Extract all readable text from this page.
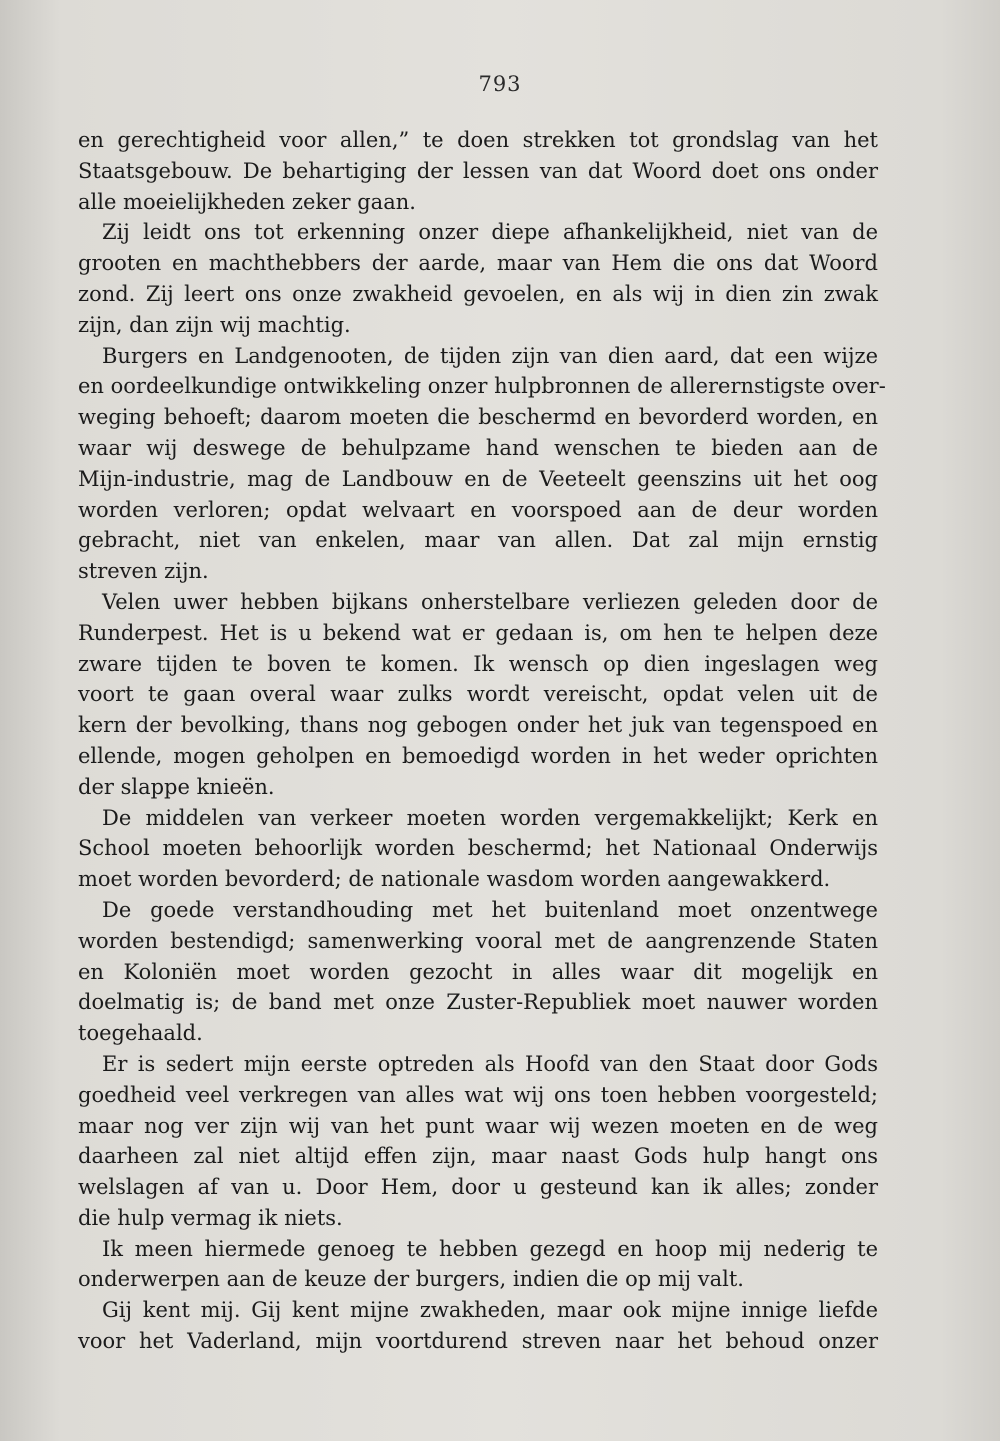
793
en gerechtigheid voor allen,” te doen strekken tot grondslag van het
Staatsgebouw. De behartiging der lessen van dat Woord doet ons onder
alle moeielijkheden zeker gaan.
Zij leidt ons tot erkenning onzer diepe afhankelijkheid, niet van de
grooten en machthebbers der aarde, maar van Hem die ons dat Woord
zond. Zij leert ons onze zwakheid gevoelen, en als wij in dien zin zwak
zijn, dan zijn wij machtig.
Burgers en Landgenooten, de tijden zijn van dien aard, dat een wijze
en oordeelkundige ontwikkeling onzer hulpbronnen de allerernstigste over-
weging behoeft; daarom moeten die beschermd en bevorderd worden, en
waar wij deswege de behulpzame hand wenschen te bieden aan de
Mijn-industrie, mag de Landbouw en de Veeteelt geenszins uit het oog
worden verloren; opdat welvaart en voorspoed aan de deur worden
gebracht, niet van enkelen, maar van allen. Dat zal mijn ernstig
streven zijn.
Velen uwer hebben bijkans onherstelbare verliezen geleden door de
Runderpest. Het is u bekend wat er gedaan is, om hen te helpen deze
zware tijden te boven te komen. Ik wensch op dien ingeslagen weg
voort te gaan overal waar zulks wordt vereischt, opdat velen uit de
kern der bevolking, thans nog gebogen onder het juk van tegenspoed en
ellende, mogen geholpen en bemoedigd worden in het weder oprichten
der slappe knieën.
De middelen van verkeer moeten worden vergemakkelijkt; Kerk en
School moeten behoorlijk worden beschermd; het Nationaal Onderwijs
moet worden bevorderd; de nationale wasdom worden aangewakkerd.
De goede verstandhouding met het buitenland moet onzentwege
worden bestendigd; samenwerking vooral met de aangrenzende Staten
en Koloniën moet worden gezocht in alles waar dit mogelijk en
doelmatig is; de band met onze Zuster-Republiek moet nauwer worden
toegehaald.
Er is sedert mijn eerste optreden als Hoofd van den Staat door Gods
goedheid veel verkregen van alles wat wij ons toen hebben voorgesteld;
maar nog ver zijn wij van het punt waar wij wezen moeten en de weg
daarheen zal niet altijd effen zijn, maar naast Gods hulp hangt ons
welslagen af van u. Door Hem, door u gesteund kan ik alles; zonder
die hulp vermag ik niets.
Ik meen hiermede genoeg te hebben gezegd en hoop mij nederig te
onderwerpen aan de keuze der burgers, indien die op mij valt.
Gij kent mij. Gij kent mijne zwakheden, maar ook mijne innige liefde
voor het Vaderland, mijn voortdurend streven naar het behoud onzer
